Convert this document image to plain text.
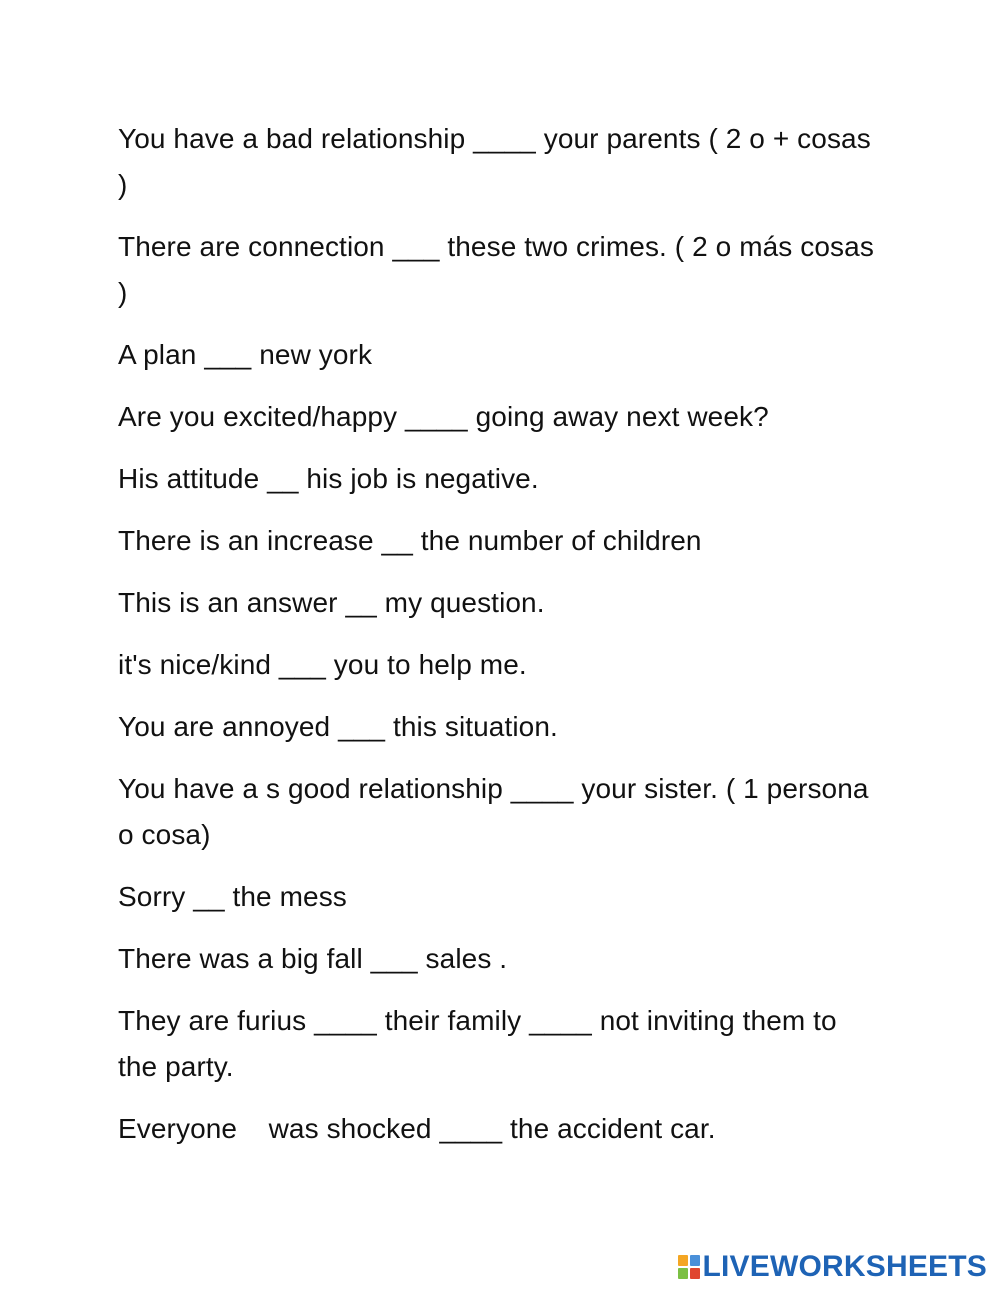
You have a bad relationship ____ your parents ( 2 o + cosas )

There are connection ___ these two crimes. ( 2 o más cosas )

A plan ___ new york

Are you excited/happy ____ going away next week?

His attitude __ his job is negative.

There is an increase __ the number of children

This is an answer __ my question.

it's nice/kind ___ you to help me.

You are annoyed ___ this situation.

You have a s good relationship ____ your sister. ( 1 persona o cosa)

Sorry __ the mess

There was a big fall ___ sales .

They are furius ____ their family ____ not inviting them to the party.

Everyone    was shocked ____ the accident car.

LIVEWORKSHEETS
